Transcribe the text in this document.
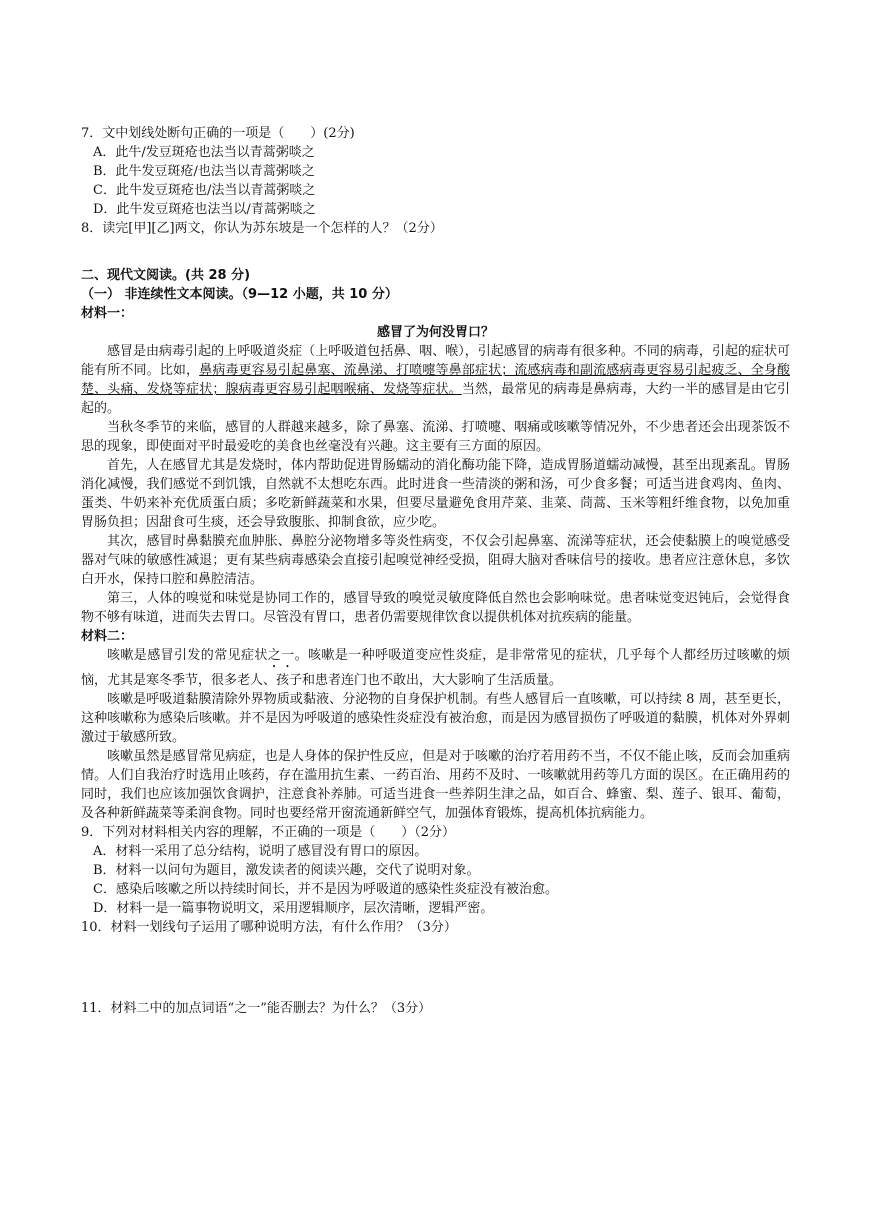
7．文中划线处断句正确的一项是（　　）(2分)

A．此牛/发豆斑疮也法当以青蒿粥啖之

B．此牛发豆斑疮/也法当以青蒿粥啖之

C．此牛发豆斑疮也/法当以青蒿粥啖之

D．此牛发豆斑疮也法当以/青蒿粥啖之

8．读完[甲][乙]两文，你认为苏东坡是一个怎样的人？（2分）

二、现代文阅读。(共 28 分)

（一） 非连续性文本阅读。（9—12 小题，共 10 分）

材料一：

感冒了为何没胃口？

感冒是由病毒引起的上呼吸道炎症（上呼吸道包括鼻、咽、喉），引起感冒的病毒有很多种。不同的病毒，引起的症状可能有所不同。比如，鼻病毒更容易引起鼻塞、流鼻涕、打喷嚏等鼻部症状；流感病毒和副流感病毒更容易引起疲乏、全身酸楚、头痛、发烧等症状；腺病毒更容易引起咽喉痛、发烧等症状。当然，最常见的病毒是鼻病毒，大约一半的感冒是由它引起的。

当秋冬季节的来临，感冒的人群越来越多，除了鼻塞、流涕、打喷嚏、咽痛或咳嗽等情况外，不少患者还会出现茶饭不思的现象，即使面对平时最爱吃的美食也丝毫没有兴趣。这主要有三方面的原因。

首先，人在感冒尤其是发烧时，体内帮助促进胃肠蠕动的消化酶功能下降，造成胃肠道蠕动减慢，甚至出现紊乱。胃肠消化减慢，我们感觉不到饥饿，自然就不太想吃东西。此时进食一些清淡的粥和汤，可少食多餐；可适当进食鸡肉、鱼肉、蛋类、牛奶来补充优质蛋白质；多吃新鲜蔬菜和水果，但要尽量避免食用芹菜、韭菜、茼蒿、玉米等粗纤维食物，以免加重胃肠负担；因甜食可生痰，还会导致腹胀、抑制食欲，应少吃。

其次，感冒时鼻黏膜充血肿胀、鼻腔分泌物增多等炎性病变，不仅会引起鼻塞、流涕等症状，还会使黏膜上的嗅觉感受器对气味的敏感性减退；更有某些病毒感染会直接引起嗅觉神经受损，阻碍大脑对香味信号的接收。患者应注意休息，多饮白开水，保持口腔和鼻腔清洁。

第三，人体的嗅觉和味觉是协同工作的，感冒导致的嗅觉灵敏度降低自然也会影响味觉。患者味觉变迟钝后，会觉得食物不够有味道，进而失去胃口。尽管没有胃口，患者仍需要规律饮食以提供机体对抗疾病的能量。

材料二：

咳嗽是感冒引发的常见症状之一。咳嗽是一种呼吸道变应性炎症，是非常常见的症状，几乎每个人都经历过咳嗽的烦恼，尤其是寒冬季节，很多老人、孩子和患者连门也不敢出，大大影响了生活质量。

咳嗽是呼吸道黏膜清除外界物质或黏液、分泌物的自身保护机制。有些人感冒后一直咳嗽，可以持续 8 周，甚至更长，这种咳嗽称为感染后咳嗽。并不是因为呼吸道的感染性炎症没有被治愈，而是因为感冒损伤了呼吸道的黏膜，机体对外界刺激过于敏感所致。

咳嗽虽然是感冒常见病症，也是人身体的保护性反应，但是对于咳嗽的治疗若用药不当，不仅不能止咳，反而会加重病情。人们自我治疗时选用止咳药，存在滥用抗生素、一药百治、用药不及时、一咳嗽就用药等几方面的误区。在正确用药的同时，我们也应该加强饮食调护，注意食补养肺。可适当进食一些养阴生津之品，如百合、蜂蜜、梨、莲子、银耳、葡萄，及各种新鲜蔬菜等柔润食物。同时也要经常开窗流通新鲜空气，加强体育锻炼，提高机体抗病能力。

9．下列对材料相关内容的理解，不正确的一项是（　　）（2分）

A．材料一采用了总分结构，说明了感冒没有胃口的原因。

B．材料一以问句为题目，激发读者的阅读兴趣，交代了说明对象。

C．感染后咳嗽之所以持续时间长，并不是因为呼吸道的感染性炎症没有被治愈。

D．材料一是一篇事物说明文，采用逻辑顺序，层次清晰，逻辑严密。

10．材料一划线句子运用了哪种说明方法，有什么作用？（3分）

11．材料二中的加点词语“之一”能否删去？为什么？（3分）
